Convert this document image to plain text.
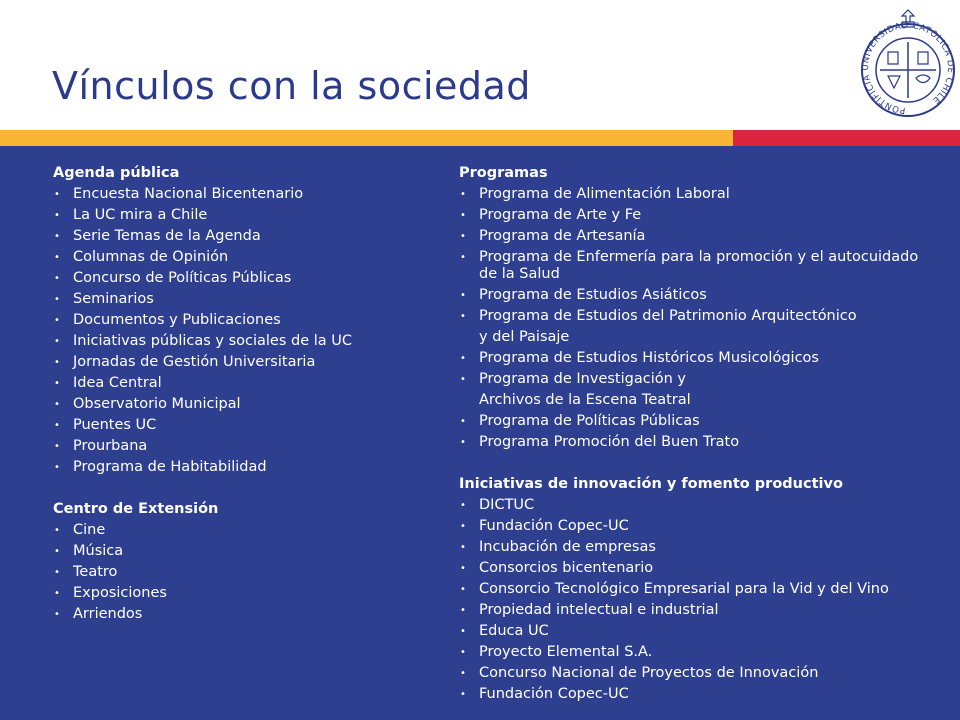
Vínculos con la sociedad
PONTIFICIA UNIVERSIDAD CATOLICA DE CHILE
Agenda pública
• Encuesta Nacional Bicentenario
• La UC mira a Chile
• Serie Temas de la Agenda
• Columnas de Opinión
• Concurso de Políticas Públicas
• Seminarios
• Documentos y Publicaciones
• Iniciativas públicas y sociales de la UC
• Jornadas de Gestión Universitaria
• Idea Central
• Observatorio Municipal
• Puentes UC
• Prourbana
• Programa de Habitabilidad
Centro de Extensión
• Cine
• Música
• Teatro
• Exposiciones
• Arriendos
Programas
• Programa de Alimentación Laboral
• Programa de Arte y Fe
• Programa de Artesanía
• Programa de Enfermería para la promoción y el autocuidado de la Salud
• Programa de Estudios Asiáticos
• Programa de Estudios del Patrimonio Arquitectónico
y del Paisaje
• Programa de Estudios Históricos Musicológicos
• Programa de Investigación y
Archivos de la Escena Teatral
• Programa de Políticas Públicas
• Programa Promoción del Buen Trato
Iniciativas de innovación y fomento productivo
• DICTUC
• Fundación Copec-UC
• Incubación de empresas
• Consorcios bicentenario
• Consorcio Tecnológico Empresarial para la Vid y del Vino
• Propiedad intelectual e industrial
• Educa UC
• Proyecto Elemental S.A.
• Concurso Nacional de Proyectos de Innovación
• Fundación Copec-UC
